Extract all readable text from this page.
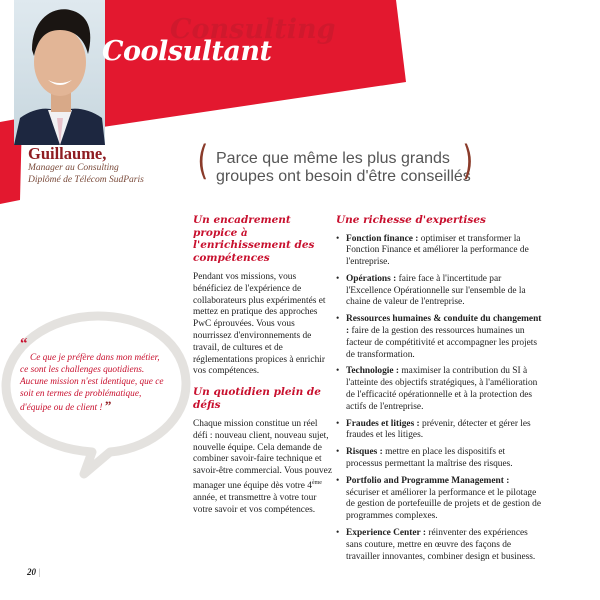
Consulting
Coolsultant
Guillaume,
Manager au Consulting
Diplômé de Télécom SudParis ( Parce que même les plus grands
groupes ont besoin d'être conseillés
)
Un encadrement propice à l'enrichissement des compétences
Pendant vos missions, vous bénéficiez de l'expérience de collaborateurs plus expérimentés et mettez en pratique des approches PwC éprouvées. Vous vous nourrissez d'environnements de travail, de cultures et de réglementations propices à enrichir vos compétences.
Un quotidien plein de défis
Chaque mission constitue un réel défi : nouveau client, nouveau sujet, nouvelle équipe. Cela demande de combiner savoir-faire technique et savoir-être commercial. Vous pouvez manager une équipe dès votre 4ème année, et transmettre à votre tour votre savoir et vos compétences.
Une richesse d'expertises
• Fonction finance : optimiser et transformer la Fonction Finance et améliorer la performance de l'entreprise.
• Opérations : faire face à l'incertitude par l'Excellence Opérationnelle sur l'ensemble de la chaine de valeur de l'entreprise.
• Ressources humaines & conduite du changement : faire de la gestion des ressources humaines un facteur de compétitivité et accompagner les projets de transformation.
• Technologie : maximiser la contribution du SI à l'atteinte des objectifs stratégiques, à l'amélioration de l'efficacité opérationnelle et à la protection des actifs de l'entreprise.
• Fraudes et litiges : prévenir, détecter et gérer les fraudes et les litiges.
• Risques : mettre en place les dispositifs et processus permettant la maîtrise des risques.
• Portfolio and Programme Management : sécuriser et améliorer la performance et le pilotage de gestion de portefeuille de projets et de gestion de programmes complexes.
• Experience Center : réinventer des expériences sans couture, mettre en œuvre des façons de travailler innovantes, combiner design et business.
“
Ce que je préfère dans mon métier, ce sont les challenges quotidiens. Aucune mission n'est identique, que ce soit en termes de problématique, d'équipe ou de client ! ”
20 |
